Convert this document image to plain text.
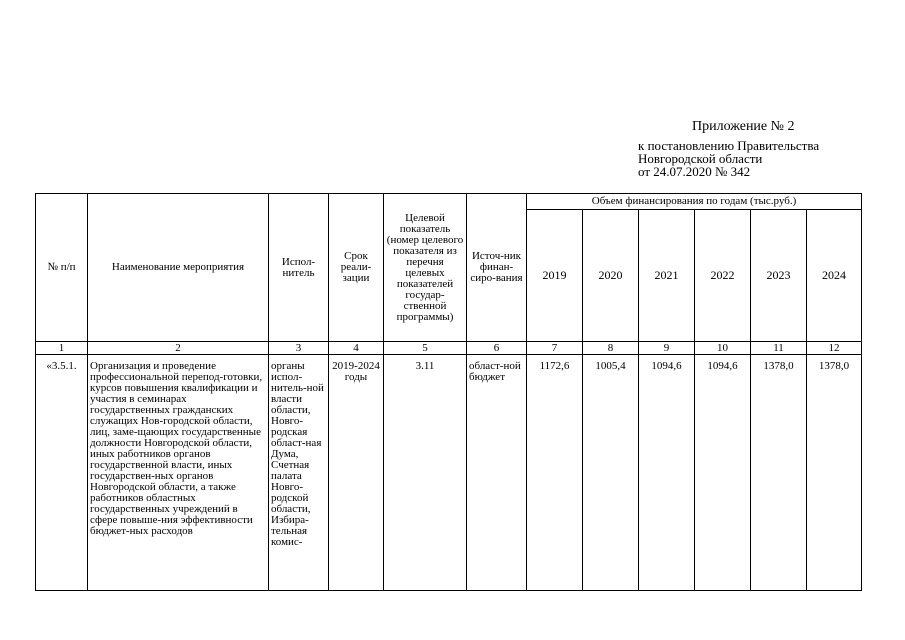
Приложение № 2
к постановлению Правительства
Новгородской области
от 24.07.2020 № 342
№ п/п	Наименование мероприятия	Испол-нитель	Срок реали-зации	Целевой показатель (номер целевого показателя из перечня целевых показателей государ-ственной программы)	Источ-ник финан-сиро-вания	Объем финансирования по годам (тыс.руб.)					
						2019	2020	2021	2022	2023	2024
1	2	3	4	5	6	7	8	9	10	11	12
«3.5.1.	Организация и проведение профессиональной перепод-готовки, курсов повышения квалификации и участия в семинарах государственных гражданских служащих Нов-городской области, лиц, заме-щающих государственные должности Новгородской области, иных работников органов государственной власти, иных государствен-ных органов Новгородской области, а также работников областных государственных учреждений в сфере повыше-ния эффективности бюджет-ных расходов	органы испол-нитель-ной власти области, Новго-родская област-ная Дума, Счетная палата Новго-родской области, Избира-тельная комис-	2019-2024 годы	3.11	област-ной бюджет	1172,6	1005,4	1094,6	1094,6	1378,0	1378,0
